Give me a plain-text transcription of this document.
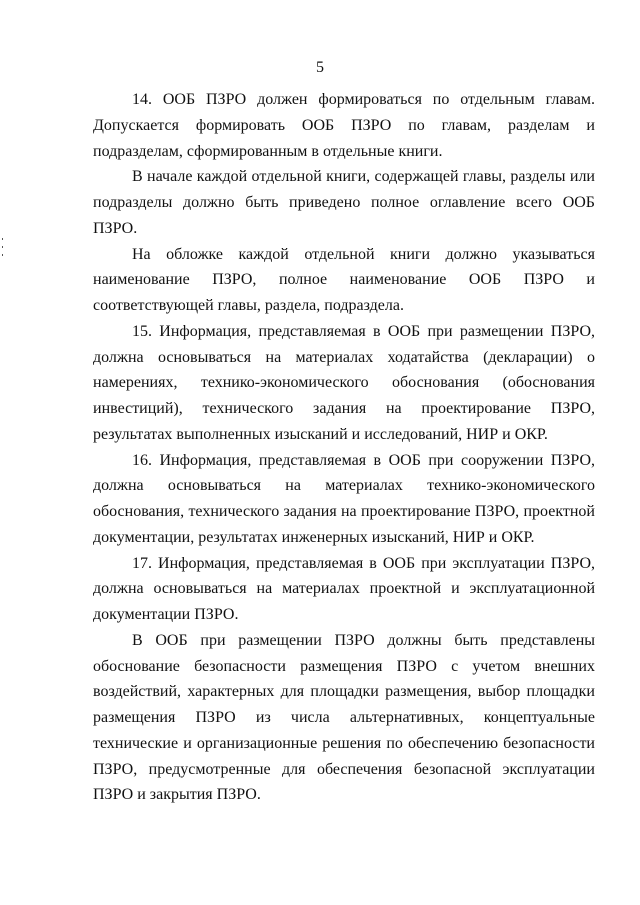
5

14. ООБ ПЗРО должен формироваться по отдельным главам. Допускается формировать ООБ ПЗРО по главам, разделам и подразделам, сформированным в отдельные книги.

В начале каждой отдельной книги, содержащей главы, разделы или подразделы должно быть приведено полное оглавление всего ООБ ПЗРО.

На обложке каждой отдельной книги должно указываться наименование ПЗРО, полное наименование ООБ ПЗРО и соответствующей главы, раздела, подраздела.

15. Информация, представляемая в ООБ при размещении ПЗРО, должна основываться на материалах ходатайства (декларации) о намерениях, технико-экономического обоснования (обоснования инвестиций), технического задания на проектирование ПЗРО, результатах выполненных изысканий и исследований, НИР и ОКР.

16. Информация, представляемая в ООБ при сооружении ПЗРО, должна основываться на материалах технико-экономического обоснования, технического задания на проектирование ПЗРО, проектной документации, результатах инженерных изысканий, НИР и ОКР.

17. Информация, представляемая в ООБ при эксплуатации ПЗРО, должна основываться на материалах проектной и эксплуатационной документации ПЗРО.

В ООБ при размещении ПЗРО должны быть представлены обоснование безопасности размещения ПЗРО с учетом внешних воздействий, характерных для площадки размещения, выбор площадки размещения ПЗРО из числа альтернативных, концептуальные технические и организационные решения по обеспечению безопасности ПЗРО, предусмотренные для обеспечения безопасной эксплуатации ПЗРО и закрытия ПЗРО.
